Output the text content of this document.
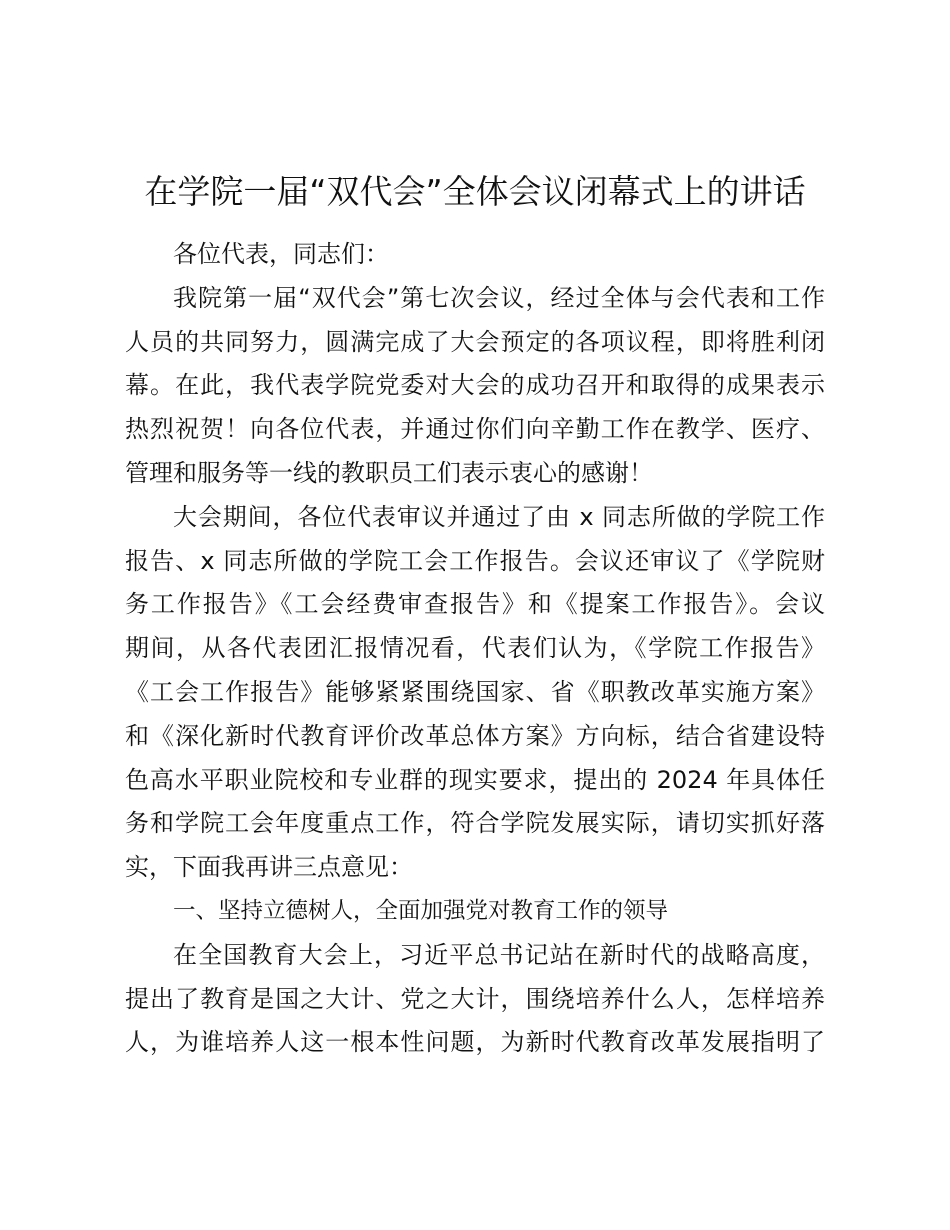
在学院一届“双代会”全体会议闭幕式上的讲话
各位代表，同志们：
我院第一届“双代会”第七次会议，经过全体与会代表和工作
人员的共同努力，圆满完成了大会预定的各项议程，即将胜利闭
幕。在此，我代表学院党委对大会的成功召开和取得的成果表示
热烈祝贺！向各位代表，并通过你们向辛勤工作在教学、医疗、
管理和服务等一线的教职员工们表示衷心的感谢！
大会期间，各位代表审议并通过了由 x 同志所做的学院工作
报告、x 同志所做的学院工会工作报告。会议还审议了《学院财
务工作报告》《工会经费审查报告》和《提案工作报告》。会议
期间，从各代表团汇报情况看，代表们认为，《学院工作报告》
《工会工作报告》能够紧紧围绕国家、省《职教改革实施方案》
和《深化新时代教育评价改革总体方案》方向标，结合省建设特
色高水平职业院校和专业群的现实要求，提出的 2024 年具体任
务和学院工会年度重点工作，符合学院发展实际，请切实抓好落
实，下面我再讲三点意见：
一、坚持立德树人，全面加强党对教育工作的领导
在全国教育大会上，习近平总书记站在新时代的战略高度，
提出了教育是国之大计、党之大计，围绕培养什么人，怎样培养
人，为谁培养人这一根本性问题，为新时代教育改革发展指明了
